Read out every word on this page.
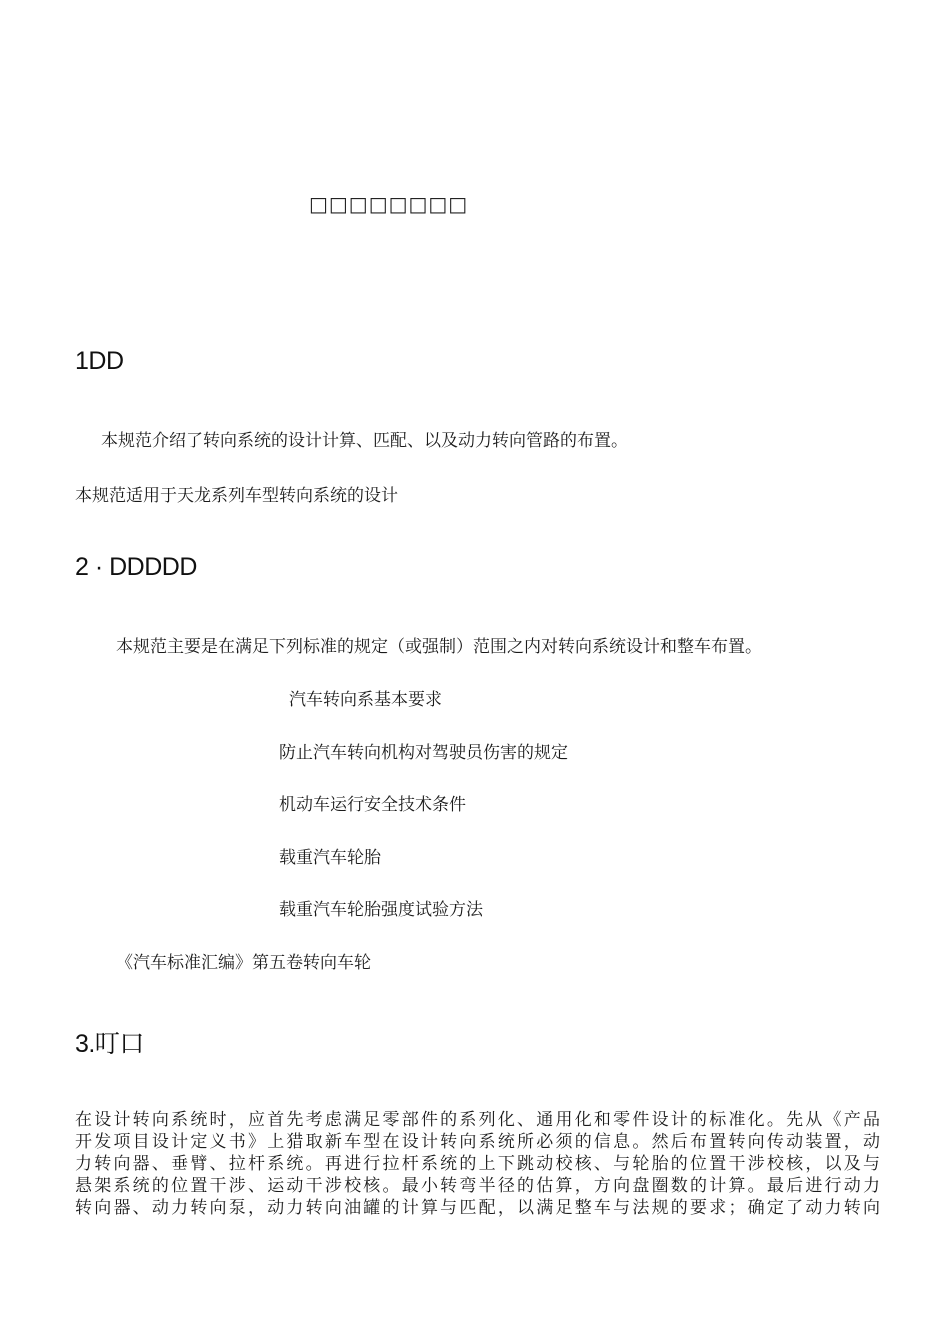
□□□□□□□□
1DD
本规范介绍了转向系统的设计计算、匹配、以及动力转向管路的布置。
本规范适用于天龙系列车型转向系统的设计
2 · DDDDD
本规范主要是在满足下列标准的规定（或强制）范围之内对转向系统设计和整车布置。
汽车转向系基本要求
防止汽车转向机构对驾驶员伤害的规定
机动车运行安全技术条件
载重汽车轮胎
载重汽车轮胎强度试验方法
《汽车标准汇编》第五卷转向车轮
3.叮口
在设计转向系统时，应首先考虑满足零部件的系列化、通用化和零件设计的标准化。先从《产品
开发项目设计定义书》上猎取新车型在设计转向系统所必须的信息。然后布置转向传动装置，动
力转向器、垂臂、拉杆系统。再进行拉杆系统的上下跳动校核、与轮胎的位置干涉校核，以及与
悬架系统的位置干涉、运动干涉校核。最小转弯半径的估算，方向盘圈数的计算。最后进行动力
转向器、动力转向泵，动力转向油罐的计算与匹配，以满足整车与法规的要求；确定了动力转向
